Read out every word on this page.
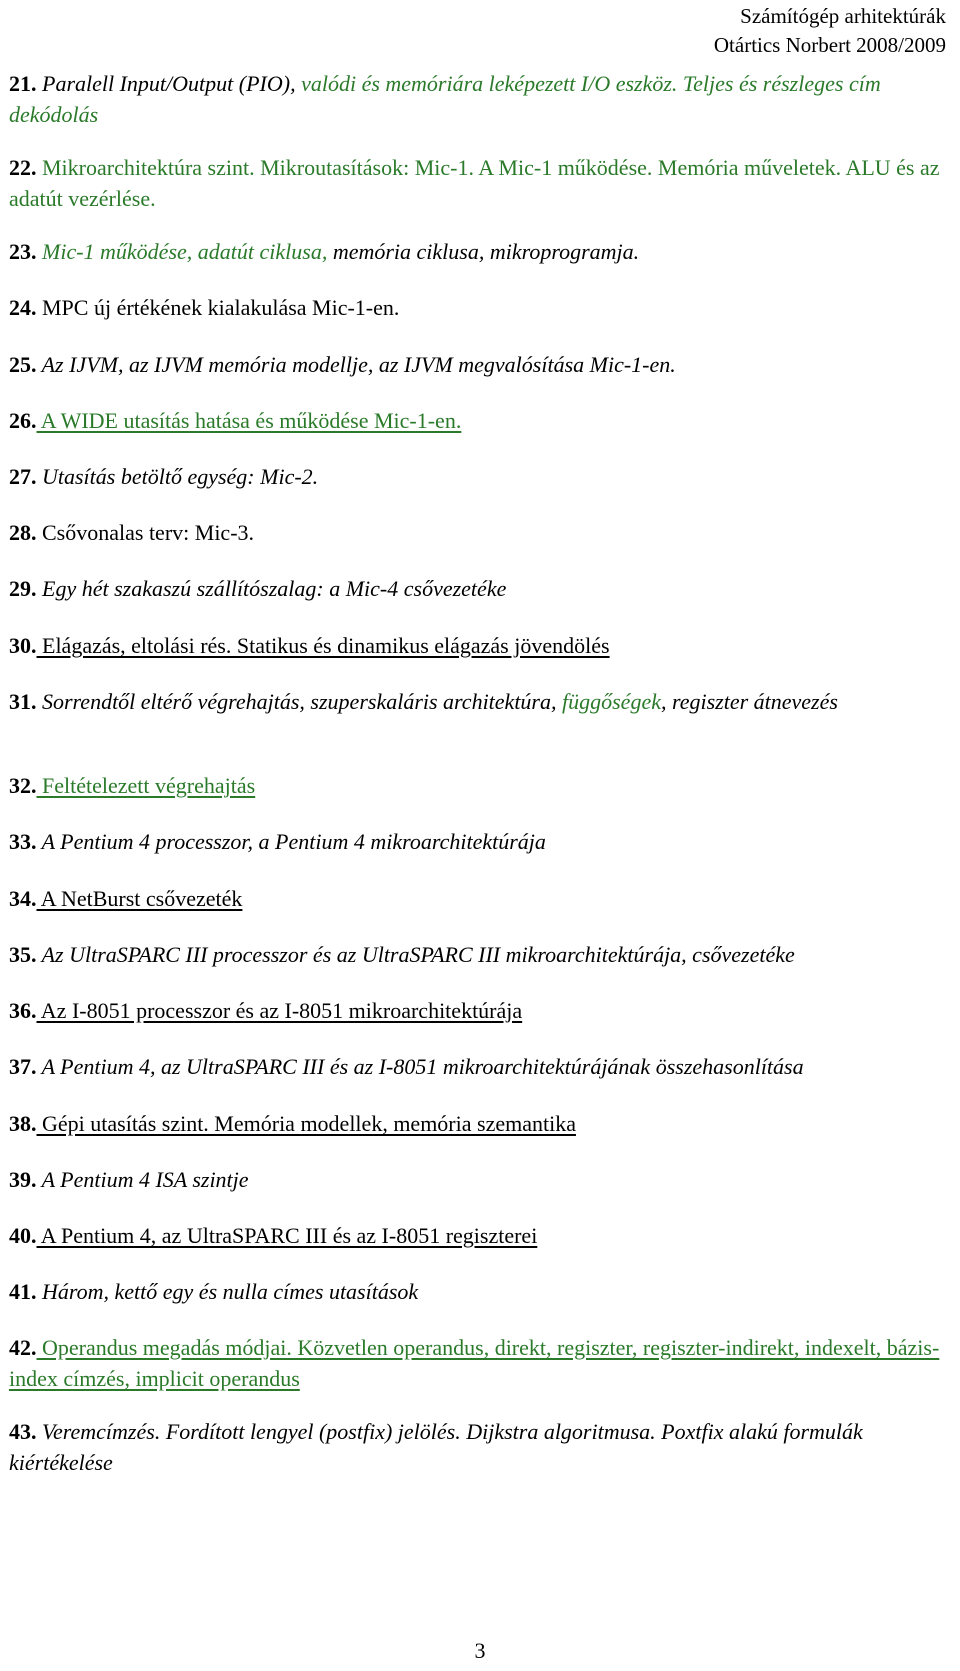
Számítógép arhitektúrák
Otártics Norbert 2008/2009
21. Paralell Input/Output (PIO), valódi és memóriára leképezett I/O eszköz. Teljes és részleges cím dekódolás
22. Mikroarchitektúra szint. Mikroutasítások: Mic-1. A Mic-1 működése. Memória műveletek. ALU és az adatút vezérlése.
23. Mic-1 működése, adatút ciklusa, memória ciklusa, mikroprogramja.
24. MPC új értékének kialakulása Mic-1-en.
25. Az IJVM, az IJVM memória modellje, az IJVM megvalósítása Mic-1-en.
26. A WIDE utasítás hatása és működése Mic-1-en.
27. Utasítás betöltő egység: Mic-2.
28. Csővonalas terv: Mic-3.
29. Egy hét szakaszú szállítószalag: a Mic-4 csővezetéke
30. Elágazás, eltolási rés. Statikus és dinamikus elágazás jövendölés
31. Sorrendtől eltérő végrehajtás, szuperskaláris architektúra, függőségek, regiszter átnevezés
32. Feltételezett végrehajtás
33. A Pentium 4 processzor, a Pentium 4 mikroarchitektúrája
34. A NetBurst csővezeték
35. Az UltraSPARC III processzor és az UltraSPARC III mikroarchitektúrája, csővezetéke
36. Az I-8051 processzor és az I-8051 mikroarchitektúrája
37. A Pentium 4, az UltraSPARC III és az I-8051 mikroarchitektúrájának összehasonlítása
38. Gépi utasítás szint. Memória modellek, memória szemantika
39. A Pentium 4 ISA szintje
40. A Pentium 4, az UltraSPARC III és az I-8051 regiszterei
41. Három, kettő egy és nulla címes utasítások
42. Operandus megadás módjai. Közvetlen operandus, direkt, regiszter, regiszter-indirekt, indexelt, bázis-index címzés, implicit operandus
43. Veremcímzés. Fordított lengyel (postfix) jelölés. Dijkstra algoritmusa. Poxtfix alakú formulák kiértékelése
3
